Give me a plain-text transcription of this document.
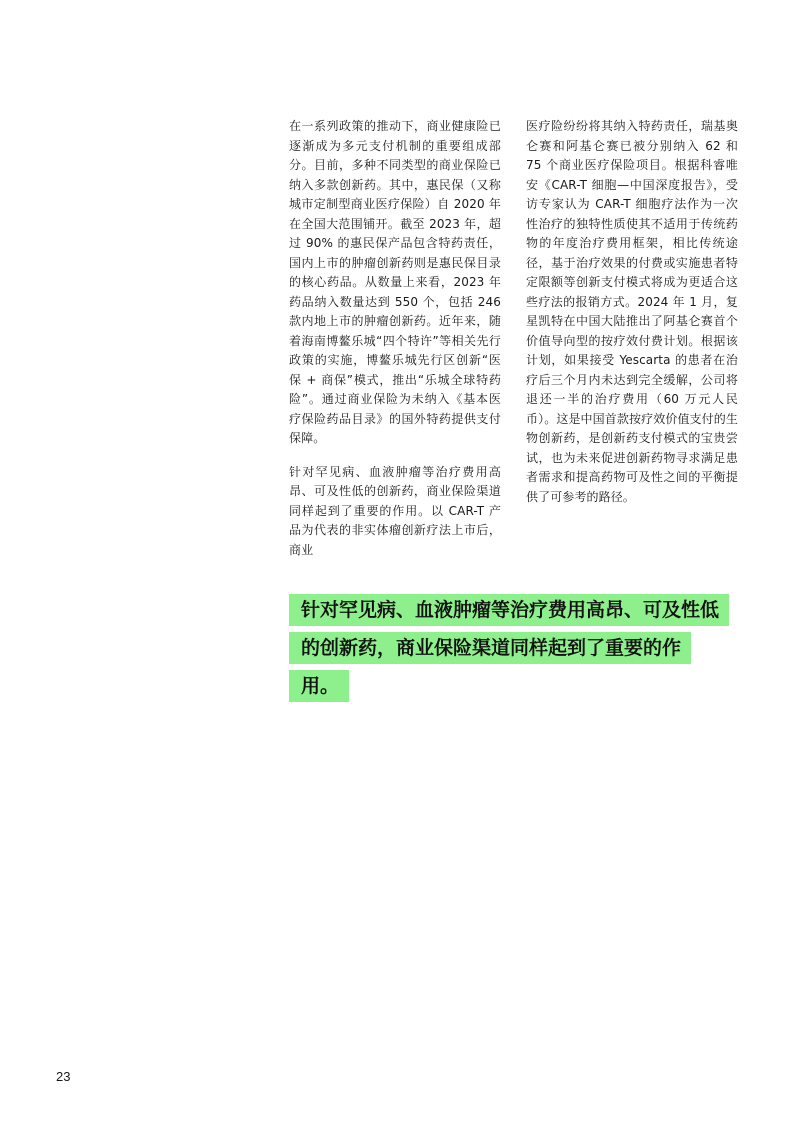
在一系列政策的推动下，商业健康险已逐渐成为多元支付机制的重要组成部分。目前，多种不同类型的商业保险已纳入多款创新药。其中，惠民保（又称城市定制型商业医疗保险）自 2020 年在全国大范围铺开。截至 2023 年，超过 90% 的惠民保产品包含特药责任，国内上市的肿瘤创新药则是惠民保目录的核心药品。从数量上来看，2023 年药品纳入数量达到 550 个，包括 246 款内地上市的肿瘤创新药。近年来，随着海南博鳌乐城“四个特许”等相关先行政策的实施，博鳌乐城先行区创新“医保 + 商保”模式，推出“乐城全球特药险”。通过商业保险为未纳入《基本医疗保险药品目录》的国外特药提供支付保障。

针对罕见病、血液肿瘤等治疗费用高昂、可及性低的创新药，商业保险渠道同样起到了重要的作用。以 CAR-T 产品为代表的非实体瘤创新疗法上市后，商业

医疗险纷纷将其纳入特药责任，瑞基奥仑赛和阿基仑赛已被分别纳入 62 和 75 个商业医疗保险项目。根据科睿唯安《CAR-T 细胞—中国深度报告》，受访专家认为 CAR-T 细胞疗法作为一次性治疗的独特性质使其不适用于传统药物的年度治疗费用框架，相比传统途径，基于治疗效果的付费或实施患者特定限额等创新支付模式将成为更适合这些疗法的报销方式。2024 年 1 月，复星凯特在中国大陆推出了阿基仑赛首个价值导向型的按疗效付费计划。根据该计划，如果接受 Yescarta 的患者在治疗后三个月内未达到完全缓解，公司将退还一半的治疗费用（60 万元人民币）。这是中国首款按疗效价值支付的生物创新药，是创新药支付模式的宝贵尝试，也为未来促进创新药物寻求满足患者需求和提高药物可及性之间的平衡提供了可参考的路径。

针对罕见病、血液肿瘤等治疗费用高昂、可及性低的创新药，商业保险渠道同样起到了重要的作用。
23
